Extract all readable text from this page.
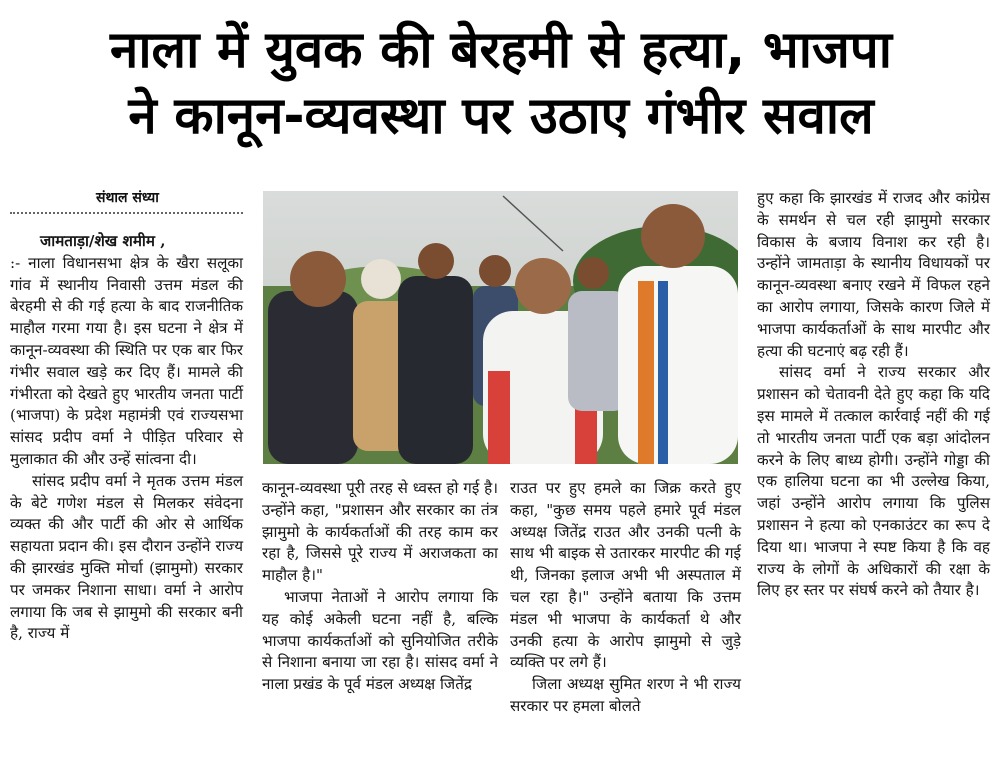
नाला में युवक की बेरहमी से हत्या, भाजपा
ने कानून-व्यवस्था पर उठाए गंभीर सवाल
संथाल संध्या

जामताड़ा/शेख शमीम ,

:- नाला विधानसभा क्षेत्र के खैरा सलूका गांव में स्थानीय निवासी उत्तम मंडल की बेरहमी से की गई हत्या के बाद राजनीतिक माहौल गरमा गया है। इस घटना ने क्षेत्र में कानून-व्यवस्था की स्थिति पर एक बार फिर गंभीर सवाल खड़े कर दिए हैं। मामले की गंभीरता को देखते हुए भारतीय जनता पार्टी (भाजपा) के प्रदेश महामंत्री एवं राज्यसभा सांसद प्रदीप वर्मा ने पीड़ित परिवार से मुलाकात की और उन्हें सांत्वना दी।

सांसद प्रदीप वर्मा ने मृतक उत्तम मंडल के बेटे गणेश मंडल से मिलकर संवेदना व्यक्त की और पार्टी की ओर से आर्थिक सहायता प्रदान की। इस दौरान उन्होंने राज्य की झारखंड मुक्ति मोर्चा (झामुमो) सरकार पर जमकर निशाना साधा। वर्मा ने आरोप लगाया कि जब से झामुमो की सरकार बनी है, राज्य में

कानून-व्यवस्था पूरी तरह से ध्वस्त हो गई है। उन्होंने कहा, "प्रशासन और सरकार का तंत्र झामुमो के कार्यकर्ताओं की तरह काम कर रहा है, जिससे पूरे राज्य में अराजकता का माहौल है।"

भाजपा नेताओं ने आरोप लगाया कि यह कोई अकेली घटना नहीं है, बल्कि भाजपा कार्यकर्ताओं को सुनियोजित तरीके से निशाना बनाया जा रहा है। सांसद वर्मा ने नाला प्रखंड के पूर्व मंडल अध्यक्ष जितेंद्र

राउत पर हुए हमले का जिक्र करते हुए कहा, "कुछ समय पहले हमारे पूर्व मंडल अध्यक्ष जितेंद्र राउत और उनकी पत्नी के साथ भी बाइक से उतारकर मारपीट की गई थी, जिनका इलाज अभी भी अस्पताल में चल रहा है।" उन्होंने बताया कि उत्तम मंडल भी भाजपा के कार्यकर्ता थे और उनकी हत्या के आरोप झामुमो से जुड़े व्यक्ति पर लगे हैं।

जिला अध्यक्ष सुमित शरण ने भी राज्य सरकार पर हमला बोलते

हुए कहा कि झारखंड में राजद और कांग्रेस के समर्थन से चल रही झामुमो सरकार विकास के बजाय विनाश कर रही है। उन्होंने जामताड़ा के स्थानीय विधायकों पर कानून-व्यवस्था बनाए रखने में विफल रहने का आरोप लगाया, जिसके कारण जिले में भाजपा कार्यकर्ताओं के साथ मारपीट और हत्या की घटनाएं बढ़ रही हैं।

सांसद वर्मा ने राज्य सरकार और प्रशासन को चेतावनी देते हुए कहा कि यदि इस मामले में तत्काल कार्रवाई नहीं की गई तो भारतीय जनता पार्टी एक बड़ा आंदोलन करने के लिए बाध्य होगी। उन्होंने गोड्डा की एक हालिया घटना का भी उल्लेख किया, जहां उन्होंने आरोप लगाया कि पुलिस प्रशासन ने हत्या को एनकाउंटर का रूप दे दिया था। भाजपा ने स्पष्ट किया है कि वह राज्य के लोगों के अधिकारों की रक्षा के लिए हर स्तर पर संघर्ष करने को तैयार है।
